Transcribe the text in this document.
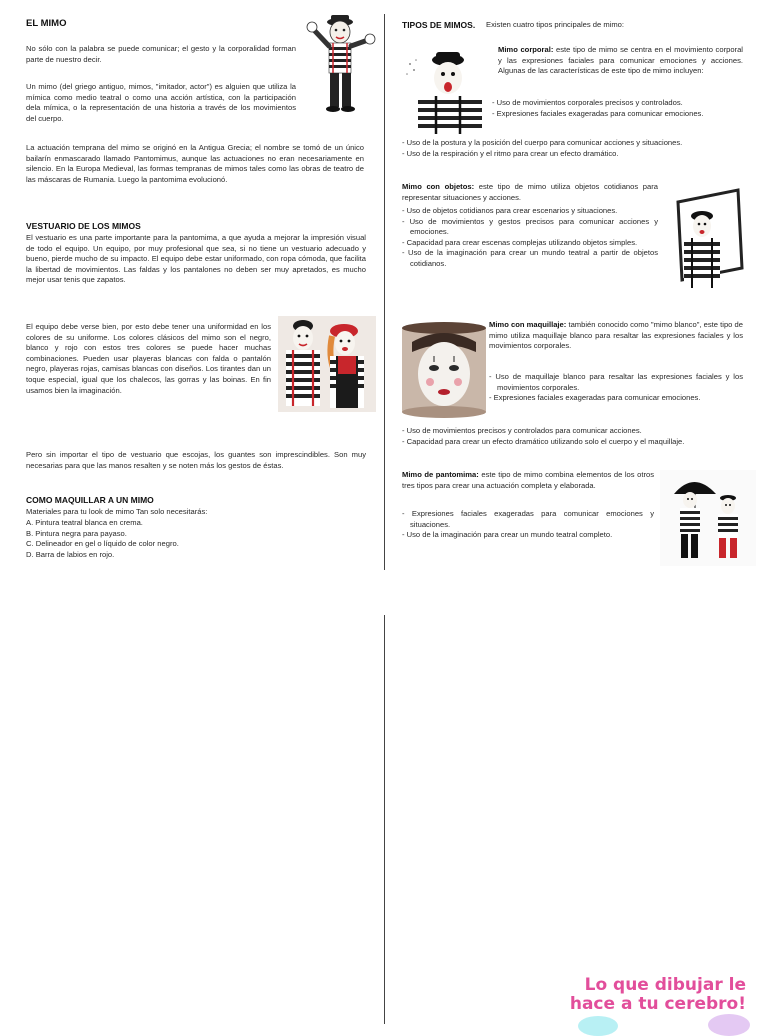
EL MIMO

No sólo con la palabra se puede comunicar; el gesto y la corporalidad forman parte de nuestro decir.

Un mimo (del griego antiguo, mimos, "imitador, actor") es alguien que utiliza la mímica como medio teatral o como una acción artística, con la participación dela mímica, o la representación de una historia a través de los movimientos del cuerpo.

La actuación temprana del mimo se originó en la Antigua Grecia; el nombre se tomó de un único bailarín enmascarado llamado Pantomimus, aunque las actuaciones no eran necesariamente en silencio. En la Europa Medieval, las formas tempranas de mimos tales como las obras de teatro de las máscaras de Rumania. Luego la pantomima evolucionó.

VESTUARIO DE LOS MIMOS

El vestuario es una parte importante para la pantomima, a que ayuda a mejorar la impresión visual de todo el equipo. Un equipo, por muy profesional que sea, si no tiene un vestuario adecuado y bueno, pierde mucho de su impacto. El equipo debe estar uniformado, con ropa cómoda, que facilita la libertad de movimientos. Las faldas y los pantalones no deben ser muy apretados, es mucho mejor usar tenis que zapatos.

El equipo debe verse bien, por esto debe tener una uniformidad en los colores de su uniforme. Los colores clásicos del mimo son el negro, blanco y rojo con estos tres colores se puede hacer muchas combinaciones. Pueden usar playeras blancas con falda o pantalón negro, playeras rojas, camisas blancas con diseños. Los tirantes dan un toque especial, igual que los chalecos, las gorras y las boinas. En fin usamos bien la imaginación.

Pero sin importar el tipo de vestuario que escojas, los guantes son imprescindibles. Son muy necesarias para que las manos resalten y se noten más los gestos de éstas.

COMO MAQUILLAR A UN MIMO

Materiales para tu look de mimo Tan solo necesitarás:

A. Pintura teatral blanca en crema.
B. Pintura negra para payaso.
C. Delineador en gel o líquido de color negro.
D. Barra de labios en rojo.
TIPOS DE MIMOS. Existen cuatro tipos principales de mimo:

Mimo corporal: este tipo de mimo se centra en el movimiento corporal y las expresiones faciales para comunicar emociones y acciones. Algunas de las características de este tipo de mimo incluyen:

- Uso de movimientos corporales precisos y controlados.
- Expresiones faciales exageradas para comunicar emociones.
- Uso de la postura y la posición del cuerpo para comunicar acciones y situaciones.
- Uso de la respiración y el ritmo para crear un efecto dramático.

Mimo con objetos: este tipo de mimo utiliza objetos cotidianos para representar situaciones y acciones.

- Uso de objetos cotidianos para crear escenarios y situaciones.
- Uso de movimientos y gestos precisos para comunicar acciones y emociones.
- Capacidad para crear escenas complejas utilizando objetos simples.
- Uso de la imaginación para crear un mundo teatral a partir de objetos cotidianos.

Mimo con maquillaje: también conocido como "mimo blanco", este tipo de mimo utiliza maquillaje blanco para resaltar las expresiones faciales y los movimientos corporales.

- Uso de maquillaje blanco para resaltar las expresiones faciales y los movimientos corporales.
- Expresiones faciales exageradas para comunicar emociones.
- Uso de movimientos precisos y controlados para comunicar acciones.
- Capacidad para crear un efecto dramático utilizando solo el cuerpo y el maquillaje.

Mimo de pantomima: este tipo de mimo combina elementos de los otros tres tipos para crear una actuación completa y elaborada.

- Expresiones faciales exageradas para comunicar emociones y situaciones.
- Uso de la imaginación para crear un mundo teatral completo.
Lo que dibujar le
hace a tu cerebro!
